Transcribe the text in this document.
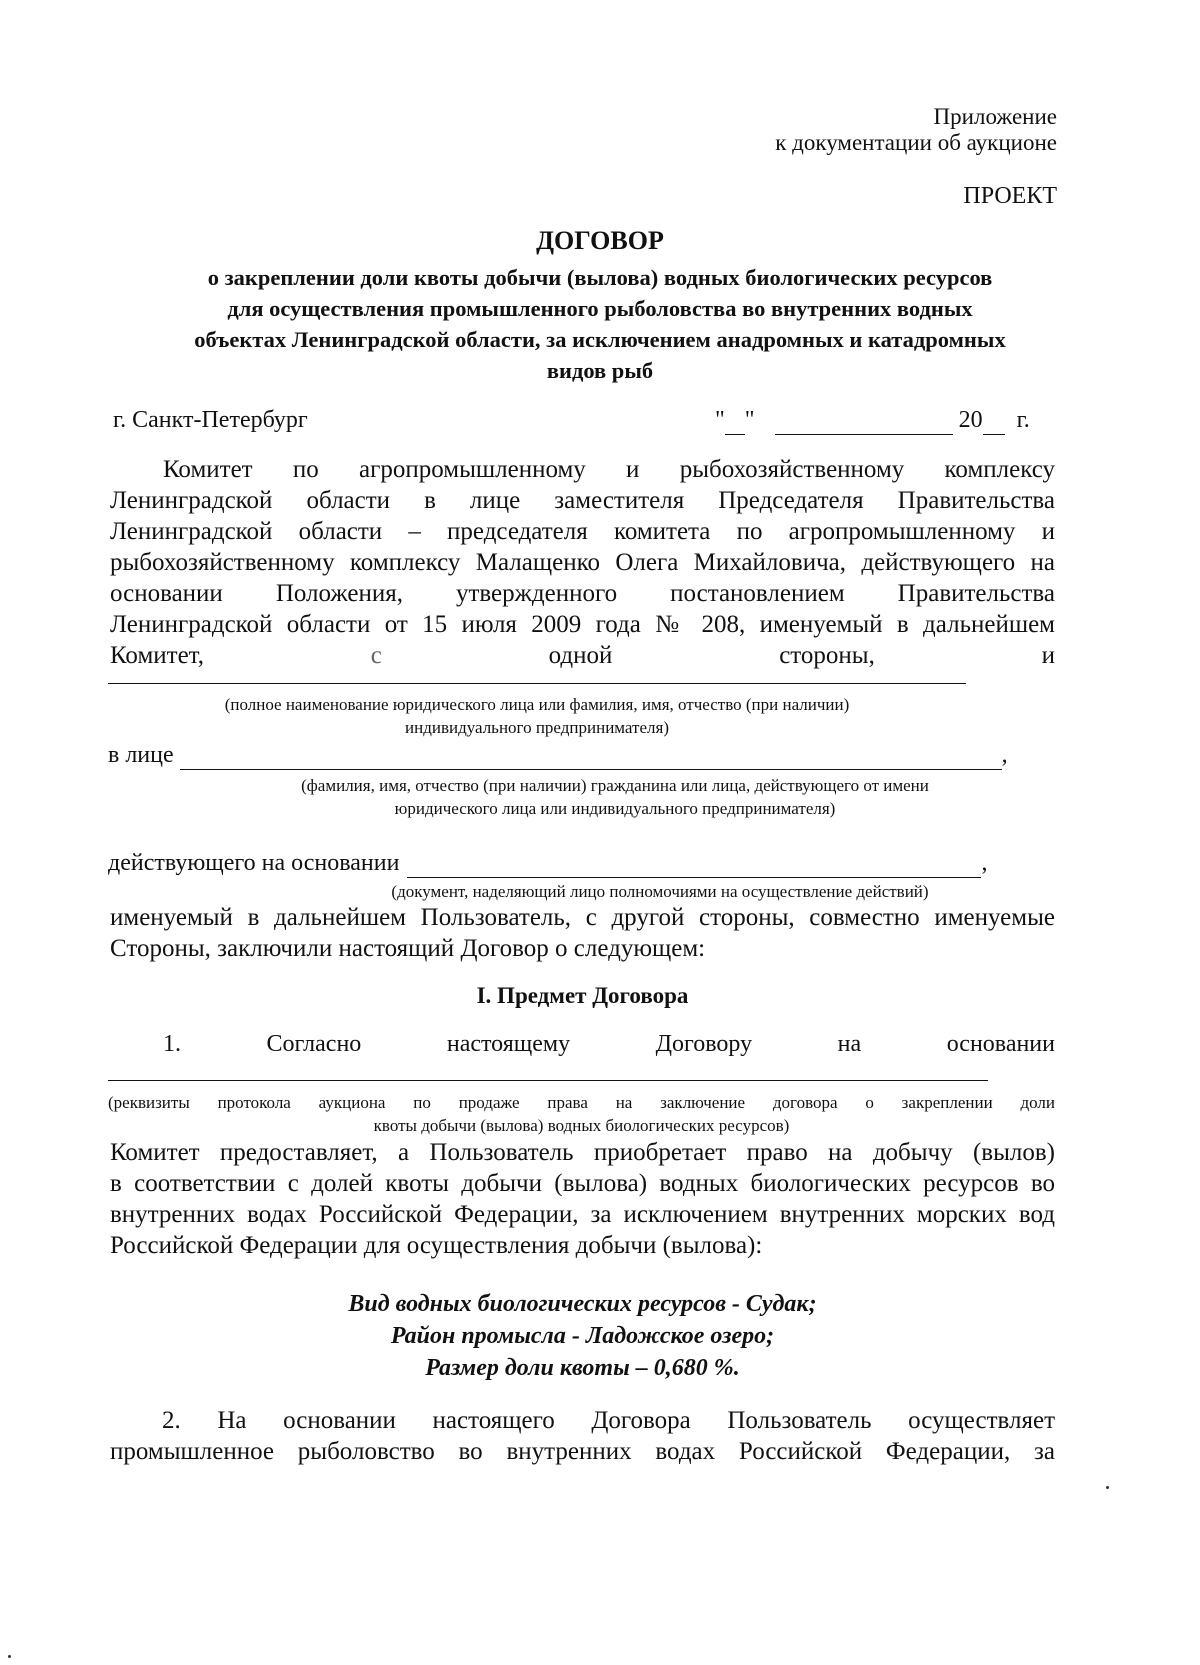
Приложение
к документации об аукционе
ПРОЕКТ
ДОГОВОР
о закреплении доли квоты добычи (вылова) водных биологических ресурсов
для осуществления промышленного рыболовства во внутренних водных
объектах Ленинградской области, за исключением анадромных и катадромных
видов рыб
г. Санкт-Петербург	" "	20 г.
Комитет по агропромышленному и рыбохозяйственному комплексу
Ленинградской области в лице заместителя Председателя Правительства
Ленинградской области – председателя комитета по агропромышленному и
рыбохозяйственному комплексу Малащенко Олега Михайловича, действующего на
основании Положения, утвержденного постановлением Правительства
Ленинградской области от 15 июля 2009 года № 208, именуемый в дальнейшем
Комитет,	с	одной	стороны,	и
(полное наименование юридического лица или фамилия, имя, отчество (при наличии)
индивидуального предпринимателя)
в лице	,
(фамилия, имя, отчество (при наличии) гражданина или лица, действующего от имени
юридического лица или индивидуального предпринимателя)
действующего на основании	,
(документ, наделяющий лицо полномочиями на осуществление действий)
именуемый в дальнейшем Пользователь, с другой стороны, совместно именуемые
Стороны, заключили настоящий Договор о следующем:
I. Предмет Договора
1.	Согласно	настоящему	Договору	на	основании
(реквизиты протокола аукциона по продаже права на заключение договора о закреплении доли
квоты добычи (вылова) водных биологических ресурсов)
Комитет предоставляет, а Пользователь приобретает право на добычу (вылов)
в соответствии с долей квоты добычи (вылова) водных биологических ресурсов во
внутренних водах Российской Федерации, за исключением внутренних морских вод
Российской Федерации для осуществления добычи (вылова):
Вид водных биологических ресурсов - Судак;
Район промысла - Ладожское озеро;
Размер доли квоты – 0,680 %.
2. На основании настоящего Договора Пользователь осуществляет
промышленное рыболовство во внутренних водах Российской Федерации, за
